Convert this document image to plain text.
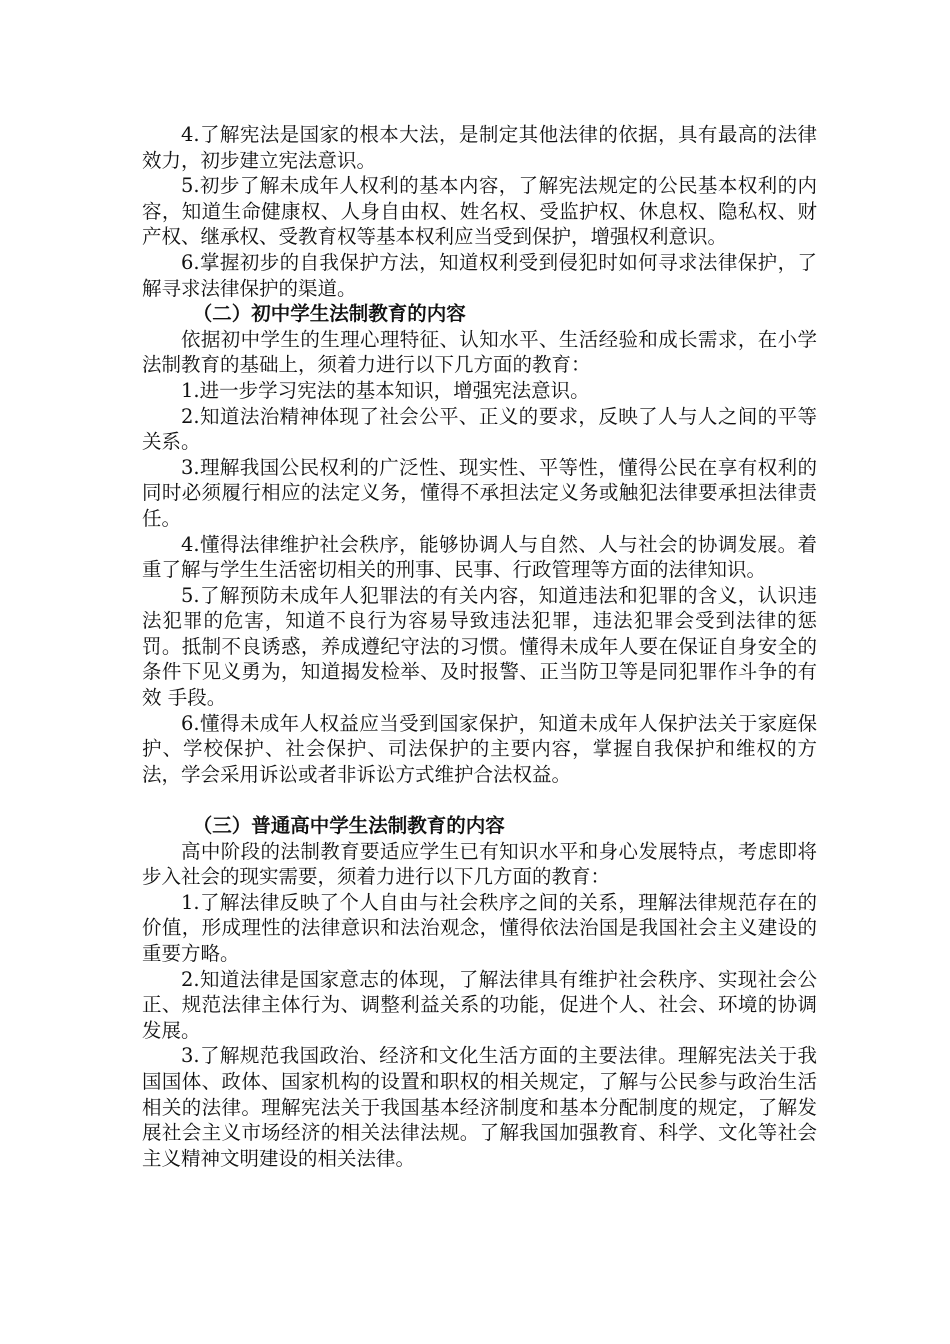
4.了解宪法是国家的根本大法，是制定其他法律的依据，具有最高的法律效力，初步建立宪法意识。

5.初步了解未成年人权利的基本内容，了解宪法规定的公民基本权利的内容，知道生命健康权、人身自由权、姓名权、受监护权、休息权、隐私权、财产权、继承权、受教育权等基本权利应当受到保护，增强权利意识。

6.掌握初步的自我保护方法，知道权利受到侵犯时如何寻求法律保护，了解寻求法律保护的渠道。

（二）初中学生法制教育的内容

依据初中学生的生理心理特征、认知水平、生活经验和成长需求，在小学法制教育的基础上，须着力进行以下几方面的教育：

1.进一步学习宪法的基本知识，增强宪法意识。

2.知道法治精神体现了社会公平、正义的要求，反映了人与人之间的平等关系。

3.理解我国公民权利的广泛性、现实性、平等性，懂得公民在享有权利的同时必须履行相应的法定义务，懂得不承担法定义务或触犯法律要承担法律责任。

4.懂得法律维护社会秩序，能够协调人与自然、人与社会的协调发展。着重了解与学生生活密切相关的刑事、民事、行政管理等方面的法律知识。

5.了解预防未成年人犯罪法的有关内容，知道违法和犯罪的含义，认识违法犯罪的危害，知道不良行为容易导致违法犯罪，违法犯罪会受到法律的惩罚。抵制不良诱惑，养成遵纪守法的习惯。懂得未成年人要在保证自身安全的条件下见义勇为，知道揭发检举、及时报警、正当防卫等是同犯罪作斗争的有效 手段。

6.懂得未成年人权益应当受到国家保护，知道未成年人保护法关于家庭保护、学校保护、社会保护、司法保护的主要内容，掌握自我保护和维权的方法，学会采用诉讼或者非诉讼方式维护合法权益。

（三）普通高中学生法制教育的内容

高中阶段的法制教育要适应学生已有知识水平和身心发展特点，考虑即将步入社会的现实需要，须着力进行以下几方面的教育：

1.了解法律反映了个人自由与社会秩序之间的关系，理解法律规范存在的价值，形成理性的法律意识和法治观念，懂得依法治国是我国社会主义建设的重要方略。

2.知道法律是国家意志的体现，了解法律具有维护社会秩序、实现社会公正、规范法律主体行为、调整利益关系的功能，促进个人、社会、环境的协调发展。

3.了解规范我国政治、经济和文化生活方面的主要法律。理解宪法关于我国国体、政体、国家机构的设置和职权的相关规定，了解与公民参与政治生活相关的法律。理解宪法关于我国基本经济制度和基本分配制度的规定，了解发展社会主义市场经济的相关法律法规。了解我国加强教育、科学、文化等社会 主义精神文明建设的相关法律。
